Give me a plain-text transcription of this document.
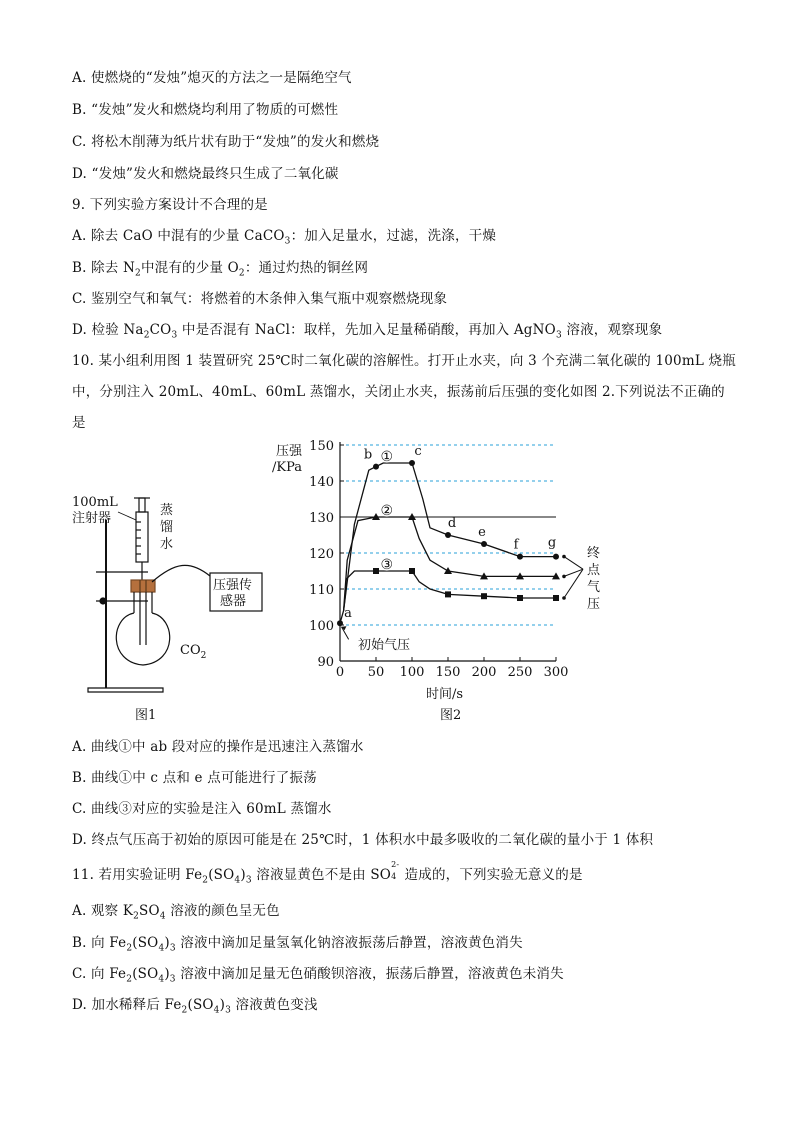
A. 使燃烧的“发烛”熄灭的方法之一是隔绝空气
B. “发烛”发火和燃烧均利用了物质的可燃性
C. 将松木削薄为纸片状有助于“发烛”的发火和燃烧
D. “发烛”发火和燃烧最终只生成了二氧化碳
9. 下列实验方案设计不合理的是
A. 除去 CaO 中混有的少量 CaCO$_3$：加入足量水，过滤，洗涤，干燥
B. 除去 $N_2$中混有的少量 $O_2$：通过灼热的铜丝网
C. 鉴别空气和氧气：将燃着的木条伸入集气瓶中观察燃烧现象
D. 检验 $Na_2CO_3$ 中是否混有 NaCl：取样，先加入足量稀硝酸，再加入 AgNO$_3$ 溶液，观察现象
10. 某小组利用图 1 装置研究 25℃时二氧化碳的溶解性。打开止水夹，向 3 个充满二氧化碳的 100mL 烧瓶
中，分别注入 20mL、40mL、60mL 蒸馏水，关闭止水夹，振荡前后压强的变化如图 2.下列说法不正确的
是
100mL
注射器
蒸
馏
水
压强传
感器
$CO_2$
图1
90
100
110
120
130
140
150
0 50 100 150 200 250 300
①
②
③
a
b	c
d
e
f g
压强
/KPa
时间/s
图2
初始气压
终
点
气
压
A. 曲线①中 ab 段对应的操作是迅速注入蒸馏水
B. 曲线①中 c 点和 e 点可能进行了振荡
C. 曲线③对应的实验是注入 60mL 蒸馏水
D. 终点气压高于初始的原因可能是在 25℃时，1 体积水中最多吸收的二氧化碳的量小于 1 体积
11. 若用实验证明 $Fe_2(SO_4)_3$ 溶液显黄色不是由 SO
2-
4 造成的，下列实验无意义的是
A. 观察 $K_2SO_4$ 溶液的颜色呈无色
B. 向 $Fe_2(SO_4)_3$ 溶液中滴加足量氢氧化钠溶液振荡后静置，溶液黄色消失
C. 向 $Fe_2(SO_4)_3$ 溶液中滴加足量无色硝酸钡溶液，振荡后静置，溶液黄色未消失
D. 加水稀释后 $Fe_2(SO_4)_3$ 溶液黄色变浅
